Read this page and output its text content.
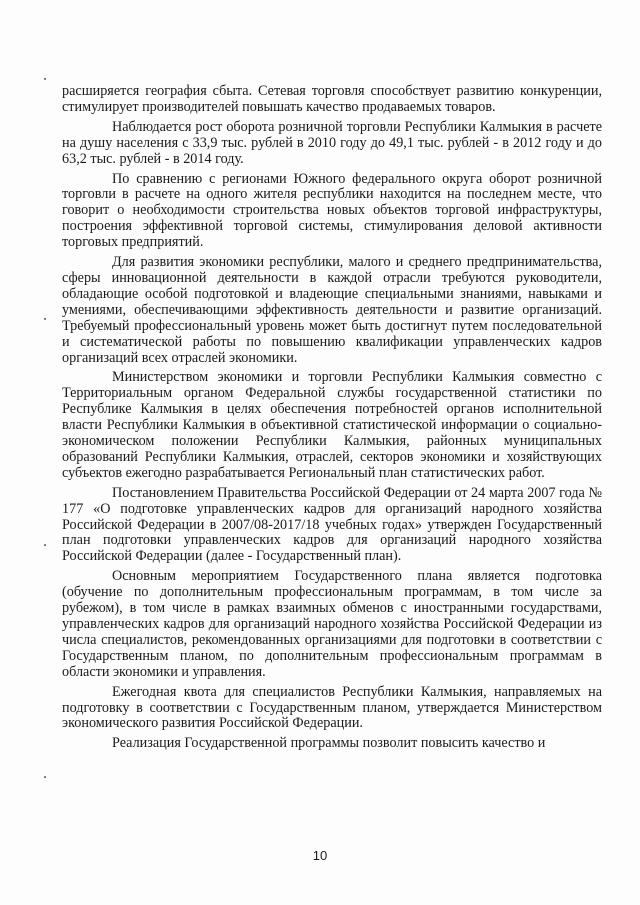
расширяется география сбыта. Сетевая торговля способствует развитию конкуренции, стимулирует производителей повышать качество продаваемых товаров.

Наблюдается рост оборота розничной торговли Республики Калмыкия в расчете на душу населения с 33,9 тыс. рублей в 2010 году до 49,1 тыс. рублей - в 2012 году и до 63,2 тыс. рублей - в 2014 году.

По сравнению с регионами Южного федерального округа оборот розничной торговли в расчете на одного жителя республики находится на последнем месте, что говорит о необходимости строительства новых объектов торговой инфраструктуры, построения эффективной торговой системы, стимулирования деловой активности торговых предприятий.

Для развития экономики республики, малого и среднего предпринимательства, сферы инновационной деятельности в каждой отрасли требуются руководители, обладающие особой подготовкой и владеющие специальными знаниями, навыками и умениями, обеспечивающими эффективность деятельности и развитие организаций. Требуемый профессиональный уровень может быть достигнут путем последовательной и систематической работы по повышению квалификации управленческих кадров организаций всех отраслей экономики.

Министерством экономики и торговли Республики Калмыкия совместно с Территориальным органом Федеральной службы государственной статистики по Республике Калмыкия в целях обеспечения потребностей органов исполнительной власти Республики Калмыкия в объективной статистической информации о социально-экономическом положении Республики Калмыкия, районных муниципальных образований Республики Калмыкия, отраслей, секторов экономики и хозяйствующих субъектов ежегодно разрабатывается Региональный план статистических работ.

Постановлением Правительства Российской Федерации от 24 марта 2007 года № 177 «О подготовке управленческих кадров для организаций народного хозяйства Российской Федерации в 2007/08-2017/18 учебных годах» утвержден Государственный план подготовки управленческих кадров для организаций народного хозяйства Российской Федерации (далее - Государственный план).

Основным мероприятием Государственного плана является подготовка (обучение по дополнительным профессиональным программам, в том числе за рубежом), в том числе в рамках взаимных обменов с иностранными государствами, управленческих кадров для организаций народного хозяйства Российской Федерации из числа специалистов, рекомендованных организациями для подготовки в соответствии с Государственным планом, по дополнительным профессиональным программам в области экономики и управления.

Ежегодная квота для специалистов Республики Калмыкия, направляемых на подготовку в соответствии с Государственным планом, утверждается Министерством экономического развития Российской Федерации.

Реализация Государственной программы позволит повысить качество и

10
